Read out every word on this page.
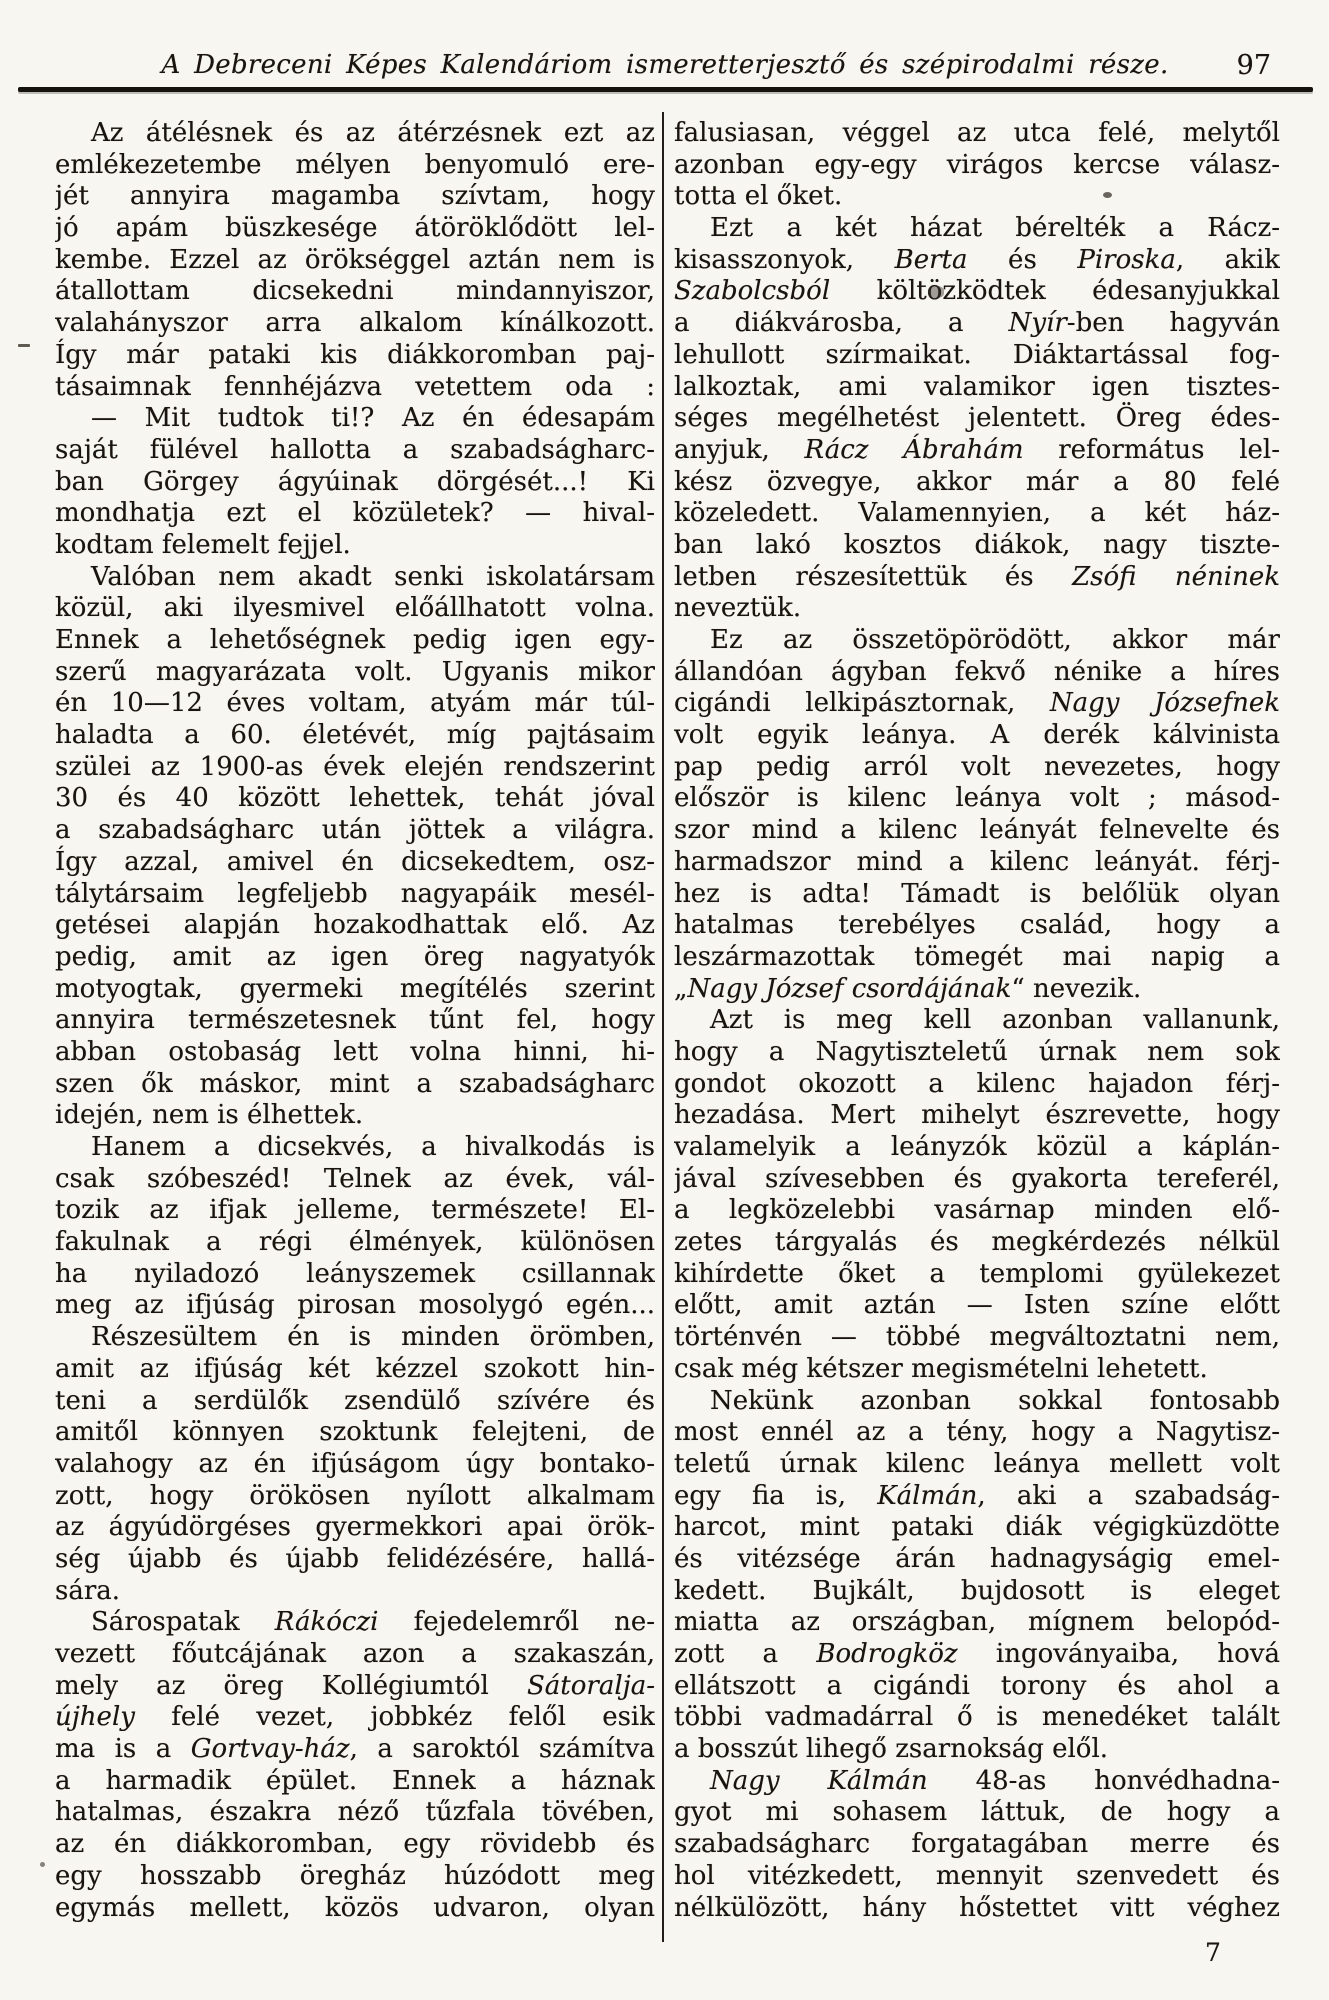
A Debreceni Képes Kalendáriom ismeretterjesztő és szépirodalmi része.	97
Az átélésnek és az átérzésnek ezt az
emlékezetembe mélyen benyomuló ere-
jét annyira magamba szívtam, hogy
jó apám büszkesége átöröklődött lel-
kembe. Ezzel az örökséggel aztán nem is
átallottam dicsekedni mindannyiszor,
valahányszor arra alkalom kínálkozott.
Így már pataki kis diákkoromban paj-
tásaimnak fennhéjázva vetettem oda :
— Mit tudtok ti!? Az én édesapám
saját fülével hallotta a szabadságharc-
ban Görgey ágyúinak dörgését...! Ki
mondhatja ezt el közületek? — hival-
kodtam felemelt fejjel.
Valóban nem akadt senki iskolatársam
közül, aki ilyesmivel előállhatott volna.
Ennek a lehetőségnek pedig igen egy-
szerű magyarázata volt. Ugyanis mikor
én 10—12 éves voltam, atyám már túl-
haladta a 60. életévét, míg pajtásaim
szülei az 1900-as évek elején rendszerint
30 és 40 között lehettek, tehát jóval
a szabadságharc után jöttek a világra.
Így azzal, amivel én dicsekedtem, osz-
tálytársaim legfeljebb nagyapáik mesél-
getései alapján hozakodhattak elő. Az
pedig, amit az igen öreg nagyatyók
motyogtak, gyermeki megítélés szerint
annyira természetesnek tűnt fel, hogy
abban ostobaság lett volna hinni, hi-
szen ők máskor, mint a szabadságharc
idején, nem is élhettek.
Hanem a dicsekvés, a hivalkodás is
csak szóbeszéd! Telnek az évek, vál-
tozik az ifjak jelleme, természete! El-
fakulnak a régi élmények, különösen
ha nyiladozó leányszemek csillannak
meg az ifjúság pirosan mosolygó egén...
Részesültem én is minden örömben,
amit az ifjúság két kézzel szokott hin-
teni a serdülők zsendülő szívére és
amitől könnyen szoktunk felejteni, de
valahogy az én ifjúságom úgy bontako-
zott, hogy örökösen nyílott alkalmam
az ágyúdörgéses gyermekkori apai örök-
ség újabb és újabb felidézésére, hallá-
sára.
Sárospatak Rákóczi fejedelemről ne-
vezett főutcájának azon a szakaszán,
mely az öreg Kollégiumtól Sátoralja-
újhely felé vezet, jobbkéz felől esik
ma is a Gortvay-ház, a saroktól számítva
a harmadik épület. Ennek a háznak
hatalmas, északra néző tűzfala tövében,
az én diákkoromban, egy rövidebb és
egy hosszabb öregház húzódott meg
egymás mellett, közös udvaron, olyan
falusiasan, véggel az utca felé, melytől
azonban egy-egy virágos kercse válasz-
totta el őket.
Ezt a két házat bérelték a Rácz-
kisasszonyok, Berta és Piroska, akik
Szabolcsból költözködtek édesanyjukkal
a diákvárosba, a Nyír-ben hagyván
lehullott szírmaikat. Diáktartással fog-
lalkoztak, ami valamikor igen tisztes-
séges megélhetést jelentett. Öreg édes-
anyjuk, Rácz Ábrahám református lel-
kész özvegye, akkor már a 80 felé
közeledett. Valamennyien, a két ház-
ban lakó kosztos diákok, nagy tiszte-
letben részesítettük és Zsófi néninek
neveztük.
Ez az összetöpörödött, akkor már
állandóan ágyban fekvő nénike a híres
cigándi lelkipásztornak, Nagy Józsefnek
volt egyik leánya. A derék kálvinista
pap pedig arról volt nevezetes, hogy
először is kilenc leánya volt ; másod-
szor mind a kilenc leányát felnevelte és
harmadszor mind a kilenc leányát. férj-
hez is adta! Támadt is belőlük olyan
hatalmas terebélyes család, hogy a
leszármazottak tömegét mai napig a
„Nagy József csordájának“ nevezik.
Azt is meg kell azonban vallanunk,
hogy a Nagytiszteletű úrnak nem sok
gondot okozott a kilenc hajadon férj-
hezadása. Mert mihelyt észrevette, hogy
valamelyik a leányzók közül a káplán-
jával szívesebben és gyakorta tereferél,
a legközelebbi vasárnap minden elő-
zetes tárgyalás és megkérdezés nélkül
kihírdette őket a templomi gyülekezet
előtt, amit aztán — Isten színe előtt
történvén — többé megváltoztatni nem,
csak még kétszer megismételni lehetett.
Nekünk azonban sokkal fontosabb
most ennél az a tény, hogy a Nagytisz-
teletű úrnak kilenc leánya mellett volt
egy fia is, Kálmán, aki a szabadság-
harcot, mint pataki diák végigküzdötte
és vitézsége árán hadnagyságig emel-
kedett. Bujkált, bujdosott is eleget
miatta az országban, mígnem belopód-
zott a Bodrogköz ingoványaiba, hová
ellátszott a cigándi torony és ahol a
többi vadmadárral ő is menedéket talált
a bosszút lihegő zsarnokság elől.
Nagy Kálmán 48-as honvédhadna-
gyot mi sohasem láttuk, de hogy a
szabadságharc forgatagában merre és
hol vitézkedett, mennyit szenvedett és
nélkülözött, hány hőstettet vitt véghez
7
